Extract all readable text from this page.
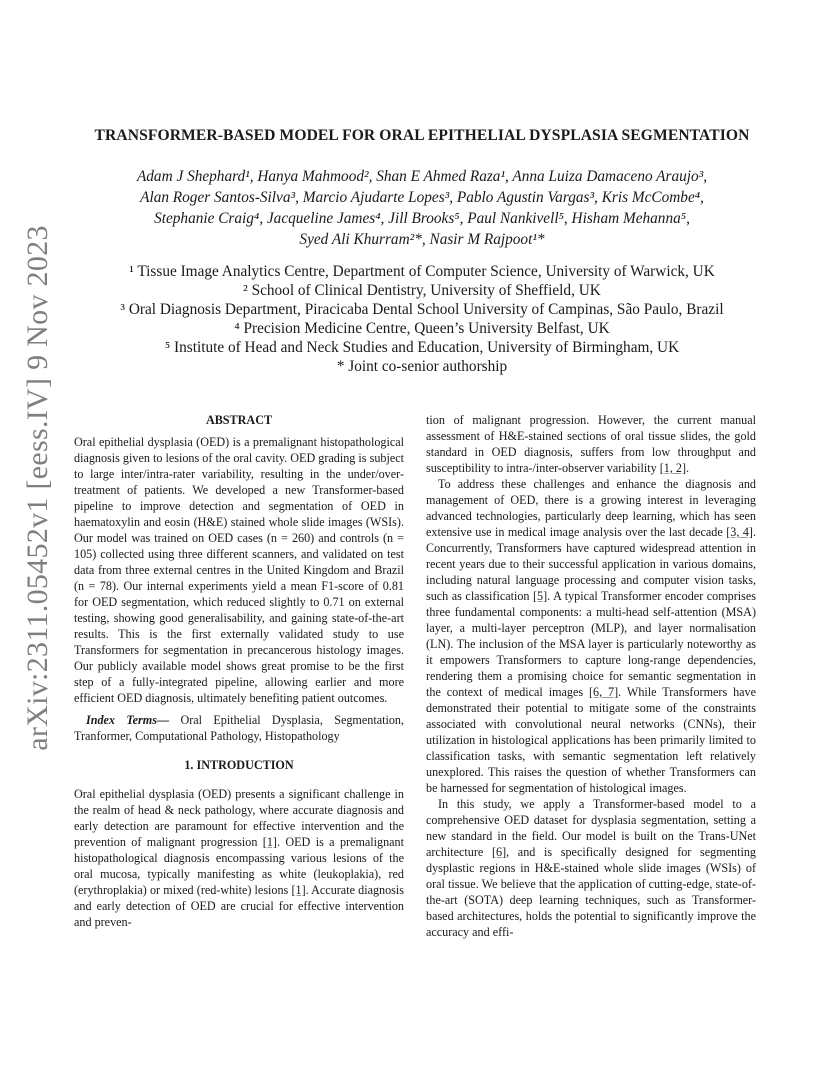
arXiv:2311.05452v1 [eess.IV] 9 Nov 2023
TRANSFORMER-BASED MODEL FOR ORAL EPITHELIAL DYSPLASIA SEGMENTATION
Adam J Shephard¹, Hanya Mahmood², Shan E Ahmed Raza¹, Anna Luiza Damaceno Araujo³,
Alan Roger Santos-Silva³, Marcio Ajudarte Lopes³, Pablo Agustin Vargas³, Kris McCombe⁴,
Stephanie Craig⁴, Jacqueline James⁴, Jill Brooks⁵, Paul Nankivell⁵, Hisham Mehanna⁵,
Syed Ali Khurram²*, Nasir M Rajpoot¹*
¹ Tissue Image Analytics Centre, Department of Computer Science, University of Warwick, UK
² School of Clinical Dentistry, University of Sheffield, UK
³ Oral Diagnosis Department, Piracicaba Dental School University of Campinas, São Paulo, Brazil
⁴ Precision Medicine Centre, Queen’s University Belfast, UK
⁵ Institute of Head and Neck Studies and Education, University of Birmingham, UK
* Joint co-senior authorship
ABSTRACT

Oral epithelial dysplasia (OED) is a premalignant histopathological diagnosis given to lesions of the oral cavity. OED grading is subject to large inter/intra-rater variability, resulting in the under/over-treatment of patients. We developed a new Transformer-based pipeline to improve detection and segmentation of OED in haematoxylin and eosin (H&E) stained whole slide images (WSIs). Our model was trained on OED cases (n = 260) and controls (n = 105) collected using three different scanners, and validated on test data from three external centres in the United Kingdom and Brazil (n = 78). Our internal experiments yield a mean F1-score of 0.81 for OED segmentation, which reduced slightly to 0.71 on external testing, showing good generalisability, and gaining state-of-the-art results. This is the first externally validated study to use Transformers for segmentation in precancerous histology images. Our publicly available model shows great promise to be the first step of a fully-integrated pipeline, allowing earlier and more efficient OED diagnosis, ultimately benefiting patient outcomes.

Index Terms— Oral Epithelial Dysplasia, Segmentation, Tranformer, Computational Pathology, Histopathology

1. INTRODUCTION

Oral epithelial dysplasia (OED) presents a significant challenge in the realm of head & neck pathology, where accurate diagnosis and early detection are paramount for effective intervention and the prevention of malignant progression [1]. OED is a premalignant histopathological diagnosis encompassing various lesions of the oral mucosa, typically manifesting as white (leukoplakia), red (erythroplakia) or mixed (red-white) lesions [1]. Accurate diagnosis and early detection of OED are crucial for effective intervention and preven-

tion of malignant progression. However, the current manual assessment of H&E-stained sections of oral tissue slides, the gold standard in OED diagnosis, suffers from low throughput and susceptibility to intra-/inter-observer variability [1, 2].

To address these challenges and enhance the diagnosis and management of OED, there is a growing interest in leveraging advanced technologies, particularly deep learning, which has seen extensive use in medical image analysis over the last decade [3, 4]. Concurrently, Transformers have captured widespread attention in recent years due to their successful application in various domains, including natural language processing and computer vision tasks, such as classification [5]. A typical Transformer encoder comprises three fundamental components: a multi-head self-attention (MSA) layer, a multi-layer perceptron (MLP), and layer normalisation (LN). The inclusion of the MSA layer is particularly noteworthy as it empowers Transformers to capture long-range dependencies, rendering them a promising choice for semantic segmentation in the context of medical images [6, 7]. While Transformers have demonstrated their potential to mitigate some of the constraints associated with convolutional neural networks (CNNs), their utilization in histological applications has been primarily limited to classification tasks, with semantic segmentation left relatively unexplored. This raises the question of whether Transformers can be harnessed for segmentation of histological images.

In this study, we apply a Transformer-based model to a comprehensive OED dataset for dysplasia segmentation, setting a new standard in the field. Our model is built on the Trans-UNet architecture [6], and is specifically designed for segmenting dysplastic regions in H&E-stained whole slide images (WSIs) of oral tissue. We believe that the application of cutting-edge, state-of-the-art (SOTA) deep learning techniques, such as Transformer-based architectures, holds the potential to significantly improve the accuracy and effi-
